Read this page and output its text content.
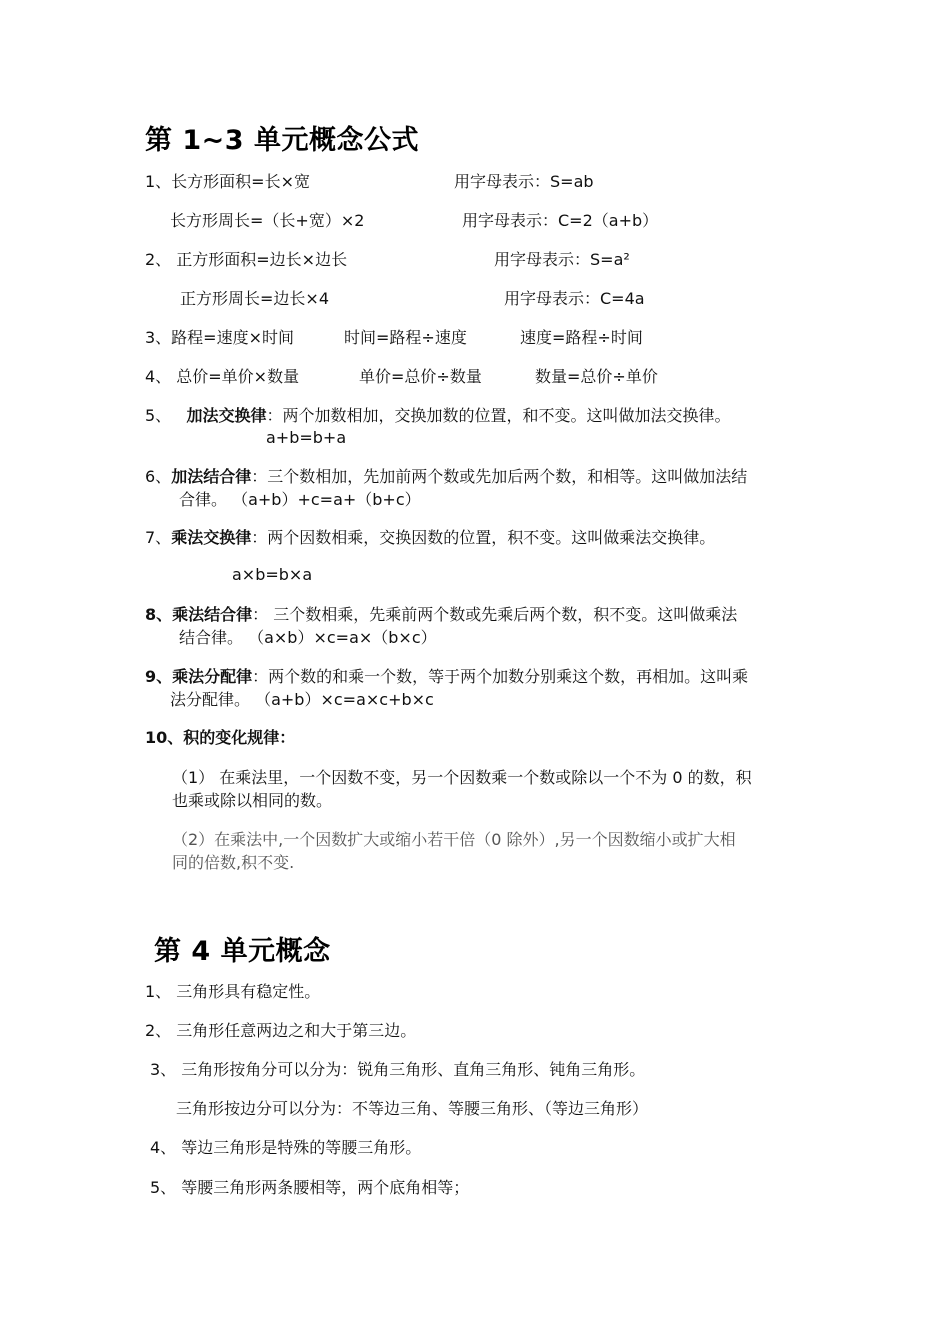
第 1~3 单元概念公式
1、长方形面积=长×宽	用字母表示：S=ab
长方形周长=（长+宽）×2	用字母表示：C=2（a+b）
2、 正方形面积=边长×边长	用字母表示：S=a²
正方形周长=边长×4	用字母表示：C=4a
3、路程=速度×时间	时间=路程÷速度	速度=路程÷时间
4、 总价=单价×数量	单价=总价÷数量	数量=总价÷单价
5、 加法交换律：两个加数相加，交换加数的位置，和不变。这叫做加法交换律。
a+b=b+a
6、加法结合律：三个数相加，先加前两个数或先加后两个数，和相等。这叫做加法结
合律。 （a+b）+c=a+（b+c）
7、乘法交换律：两个因数相乘，交换因数的位置，积不变。这叫做乘法交换律。
a×b=b×a
8、乘法结合律： 三个数相乘，先乘前两个数或先乘后两个数，积不变。这叫做乘法
结合律。 （a×b）×c=a×（b×c）
9、乘法分配律：两个数的和乘一个数，等于两个加数分别乘这个数，再相加。这叫乘
法分配律。 （a+b）×c=a×c+b×c
10、积的变化规律：
（1） 在乘法里，一个因数不变，另一个因数乘一个数或除以一个不为 0 的数，积
也乘或除以相同的数。
（2）在乘法中,一个因数扩大或缩小若干倍（0 除外）,另一个因数缩小或扩大相
同的倍数,积不变.
第 4 单元概念
1、 三角形具有稳定性。
2、 三角形任意两边之和大于第三边。
3、 三角形按角分可以分为：锐角三角形、直角三角形、钝角三角形。
三角形按边分可以分为：不等边三角、等腰三角形、（等边三角形）
4、 等边三角形是特殊的等腰三角形。
5、 等腰三角形两条腰相等，两个底角相等；
